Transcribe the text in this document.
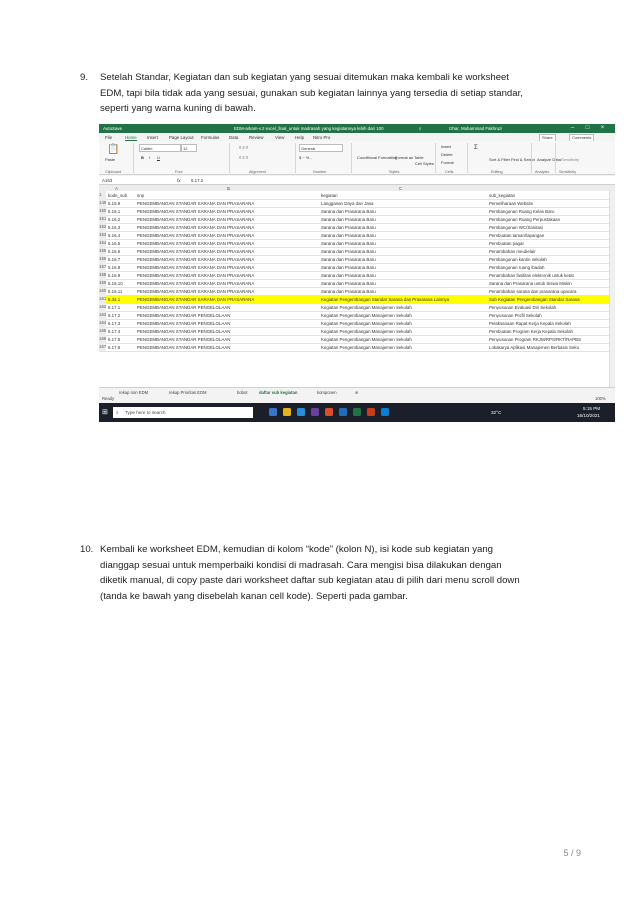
9. Setelah Standar, Kegiatan dan sub kegiatan yang sesuai ditemukan maka kembali ke worksheet
EDM, tapi bila tidak ada yang sesuai, gunakan sub kegiatan lainnya yang tersedia di setiap standar,
seperti yang warna kuning di bawah.
AutoSave	EDM-arkam-v.2 excel_final_untuk madrasah yang kegiatannya lebih dari 100	⌕	Izhar, Muhammad Fakhruzi	–	□ ×
File	Home Insert	Page Layout Formulas Data Review	View Help Nitro Pro	Share	Comments
📋
Paste
Calibri	12
B I U
≡ ≡ ≡
≡ ≡ ≡
General
$ ~ % ,	Conditional Formatting
Format as Table
Cell Styles
Insert
Delete
Format
Σ
Sort & Filter Find & Select Analyze Data Sensitivity
Clipboard	Font	Alignment	Number	Styles	Cells	Editing	Analysis	Sensitivity
A163	fx 6.17.2
A	B	C
1	kode_sub	snp	kegiatan	sub_kegiatan
149 5.15.9	PENGEMBANGAN STANDAR SARANA DAN PRASARANA	Langganan Daya dan Jasa	Pemeliharaan Website
150 5.16.1	PENGEMBANGAN STANDAR SARANA DAN PRASARANA	Sarana dan Prasarana Baru	Pembangunan Ruang Kelas Baru
151 5.16.2	PENGEMBANGAN STANDAR SARANA DAN PRASARANA	Sarana dan Prasarana Baru	Pembangunan Ruang Perpustakaan
152 5.16.3	PENGEMBANGAN STANDAR SARANA DAN PRASARANA	Sarana dan Prasarana Baru	Pembangunan WC/Sanitasi
153 5.16.4	PENGEMBANGAN STANDAR SARANA DAN PRASARANA	Sarana dan Prasarana Baru	Pembuatan taman/lapangan
154 5.16.5	PENGEMBANGAN STANDAR SARANA DAN PRASARANA	Sarana dan Prasarana Baru	Pembuatan pagar
155 5.16.6	PENGEMBANGAN STANDAR SARANA DAN PRASARANA	Sarana dan Prasarana Baru	Penambahan meubelair
156 5.16.7	PENGEMBANGAN STANDAR SARANA DAN PRASARANA	Sarana dan Prasarana Baru	Pembangunan kantin sekolah
157 5.16.8	PENGEMBANGAN STANDAR SARANA DAN PRASARANA	Sarana dan Prasarana Baru	Pembangunan ruang ibadah
158 5.16.9	PENGEMBANGAN STANDAR SARANA DAN PRASARANA	Sarana dan Prasarana Baru	Penambahan fasilitas elektronik untuk ketat
159 5.16.10	PENGEMBANGAN STANDAR SARANA DAN PRASARANA	Sarana dan Prasarana Baru	Sarana dan Prasarana untuk Siswa Miskin
160 5.16.11	PENGEMBANGAN STANDAR SARANA DAN PRASARANA	Sarana dan Prasarana Baru	Penambahan sarana dan prasarana upacara
161 5.34.1	PENGEMBANGAN STANDAR SARANA DAN PRASARANA	Kegiatan Pengembangan Standar Sarana dan Prasarana Lainnya	Sub Kegiatan Pengembangan Standar Sarana
162 6.17.1	PENGEMBANGAN STANDAR PENGELOLAAN	Kegiatan Pengembangan Manajemen Sekolah	Penyusunan Evaluasi Diri Sekolah
163 6.17.2	PENGEMBANGAN STANDAR PENGELOLAAN	Kegiatan Pengembangan Manajemen Sekolah	Penyusunan Profil Sekolah
164 6.17.3	PENGEMBANGAN STANDAR PENGELOLAAN	Kegiatan Pengembangan Manajemen Sekolah	Pelaksanaan Rapat Kerja Kepala Sekolah
165 6.17.4	PENGEMBANGAN STANDAR PENGELOLAAN	Kegiatan Pengembangan Manajemen Sekolah	Pembuatan Program Kerja Kepala Sekolah
166 6.17.5	PENGEMBANGAN STANDAR PENGELOLAAN	Kegiatan Pengembangan Manajemen Sekolah	Penyusunan Program RKJM/RPS/RKT/RAPBS
167 6.17.6	PENGEMBANGAN STANDAR PENGELOLAAN	Kegiatan Pengembangan Manajemen Sekolah	Lokakarya Aplikasi Manajemen Berbasis Seko
rekap non EDM	rekap Prioritas EDM	bobot	daftar sub kegiatan	komponen	⊕
Ready	100%
⊞ ⌕ Type here to search	32°C
5:15 PM
16/10/2021
10. Kembali ke worksheet EDM, kemudian di kolom “kode” (kolon N), isi kode sub kegiatan yang
dianggap sesuai untuk memperbaiki kondisi di madrasah. Cara mengisi bisa dilakukan dengan
diketik manual, di copy paste dari worksheet daftar sub kegiatan atau di pilih dari menu scroll down
(tanda ke bawah yang disebelah kanan cell kode). Seperti pada gambar.
5 / 9
